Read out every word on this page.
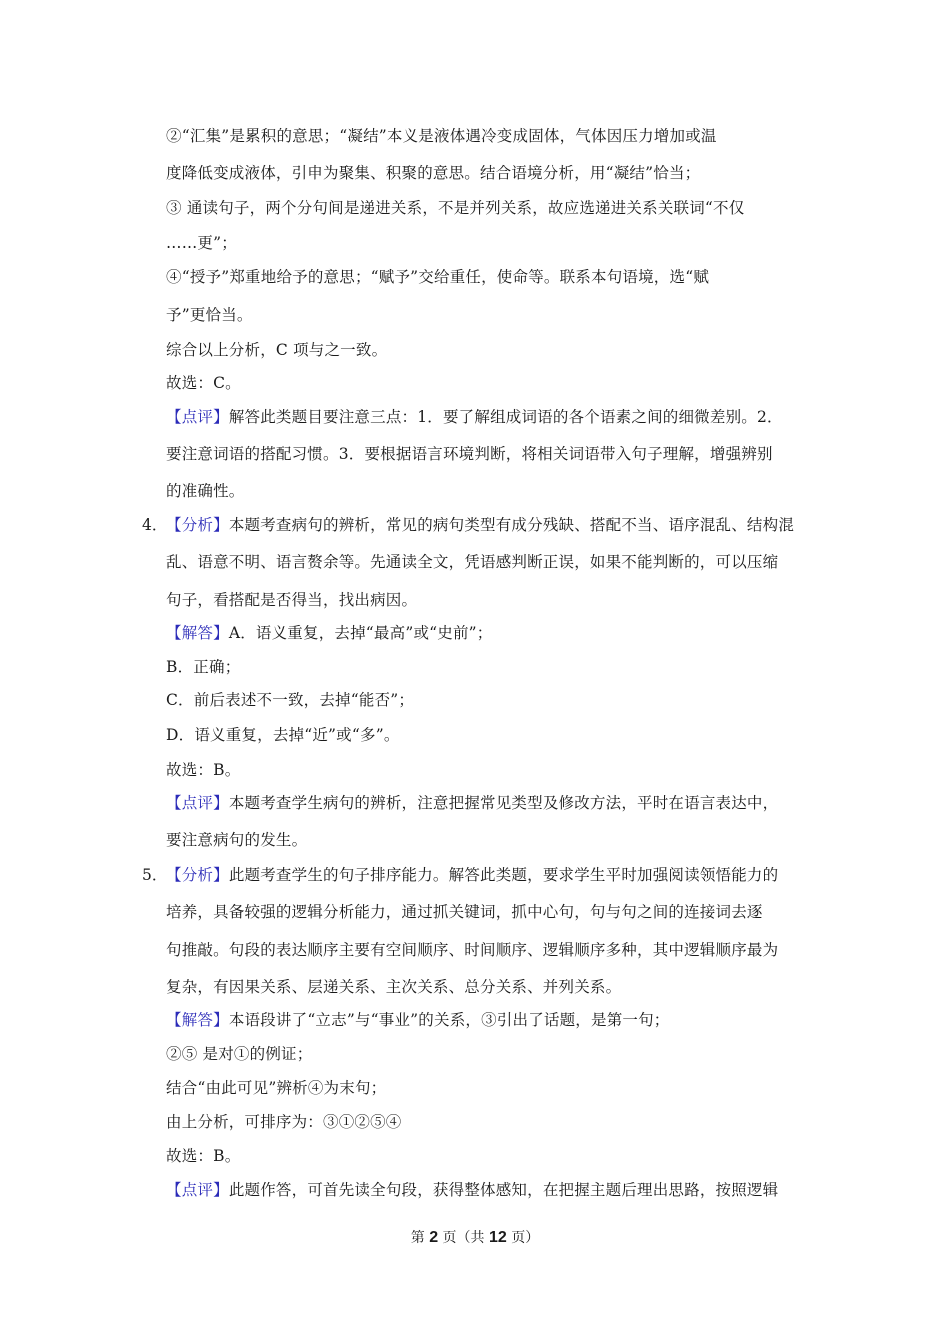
②“汇集”是累积的意思；“凝结”本义是液体遇冷变成固体，气体因压力增加或温
度降低变成液体，引申为聚集、积聚的意思。结合语境分析，用“凝结”恰当；
③ 通读句子，两个分句间是递进关系，不是并列关系，故应选递进关系关联词“不仅
……更”；
④“授予”郑重地给予的意思；“赋予”交给重任，使命等。联系本句语境，选“赋
予”更恰当。
综合以上分析，C 项与之一致。
故选：C。
【点评】解答此类题目要注意三点：1．要了解组成词语的各个语素之间的细微差别。2．
要注意词语的搭配习惯。3．要根据语言环境判断，将相关词语带入句子理解，增强辨别
的准确性。
4．
【分析】本题考查病句的辨析，常见的病句类型有成分残缺、搭配不当、语序混乱、结构混
乱、语意不明、语言赘余等。先通读全文，凭语感判断正误，如果不能判断的，可以压缩
句子，看搭配是否得当，找出病因。
【解答】A．语义重复，去掉“最高”或“史前”；
B．正确；
C．前后表述不一致，去掉“能否”；
D．语义重复，去掉“近”或“多”。
故选：B。
【点评】本题考查学生病句的辨析，注意把握常见类型及修改方法，平时在语言表达中，
要注意病句的发生。
5．
【分析】此题考查学生的句子排序能力。解答此类题，要求学生平时加强阅读领悟能力的
培养，具备较强的逻辑分析能力，通过抓关键词，抓中心句，句与句之间的连接词去逐
句推敲。句段的表达顺序主要有空间顺序、时间顺序、逻辑顺序多种，其中逻辑顺序最为
复杂，有因果关系、层递关系、主次关系、总分关系、并列关系。
【解答】本语段讲了“立志”与“事业”的关系，③引出了话题，是第一句；
②⑤ 是对①的例证；
结合“由此可见”辨析④为末句；
由上分析，可排序为：③①②⑤④
故选：B。
【点评】此题作答，可首先读全句段，获得整体感知，在把握主题后理出思路，按照逻辑
第 2 页（共 12 页）
